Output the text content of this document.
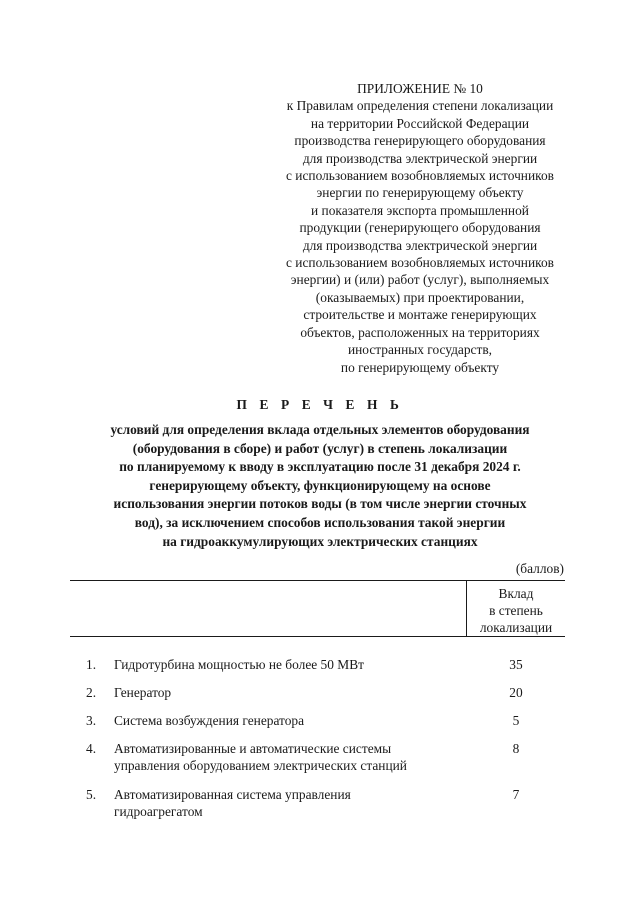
ПРИЛОЖЕНИЕ № 10
к Правилам определения степени локализации
на территории Российской Федерации
производства генерирующего оборудования
для производства электрической энергии
с использованием возобновляемых источников
энергии по генерирующему объекту
и показателя экспорта промышленной
продукции (генерирующего оборудования
для производства электрической энергии
с использованием возобновляемых источников
энергии) и (или) работ (услуг), выполняемых
(оказываемых) при проектировании,
строительстве и монтаже генерирующих
объектов, расположенных на территориях
иностранных государств,
по генерирующему объекту
П Е Р Е Ч Е Н Ь
условий для определения вклада отдельных элементов оборудования
(оборудования в сборе) и работ (услуг) в степень локализации
по планируемому к вводу в эксплуатацию после 31 декабря 2024 г.
генерирующему объекту, функционирующему на основе
использования энергии потоков воды (в том числе энергии сточных
вод), за исключением способов использования такой энергии
на гидроаккумулирующих электрических станциях
(баллов)
Вклад
в степень
локализации
1. Гидротурбина мощностью не более 50 МВт	35
2. Генератор	20
3. Система возбуждения генератора	5
4. Автоматизированные и автоматические системы
управления оборудованием электрических станций
8
5. Автоматизированная система управления
гидроагрегатом
7
